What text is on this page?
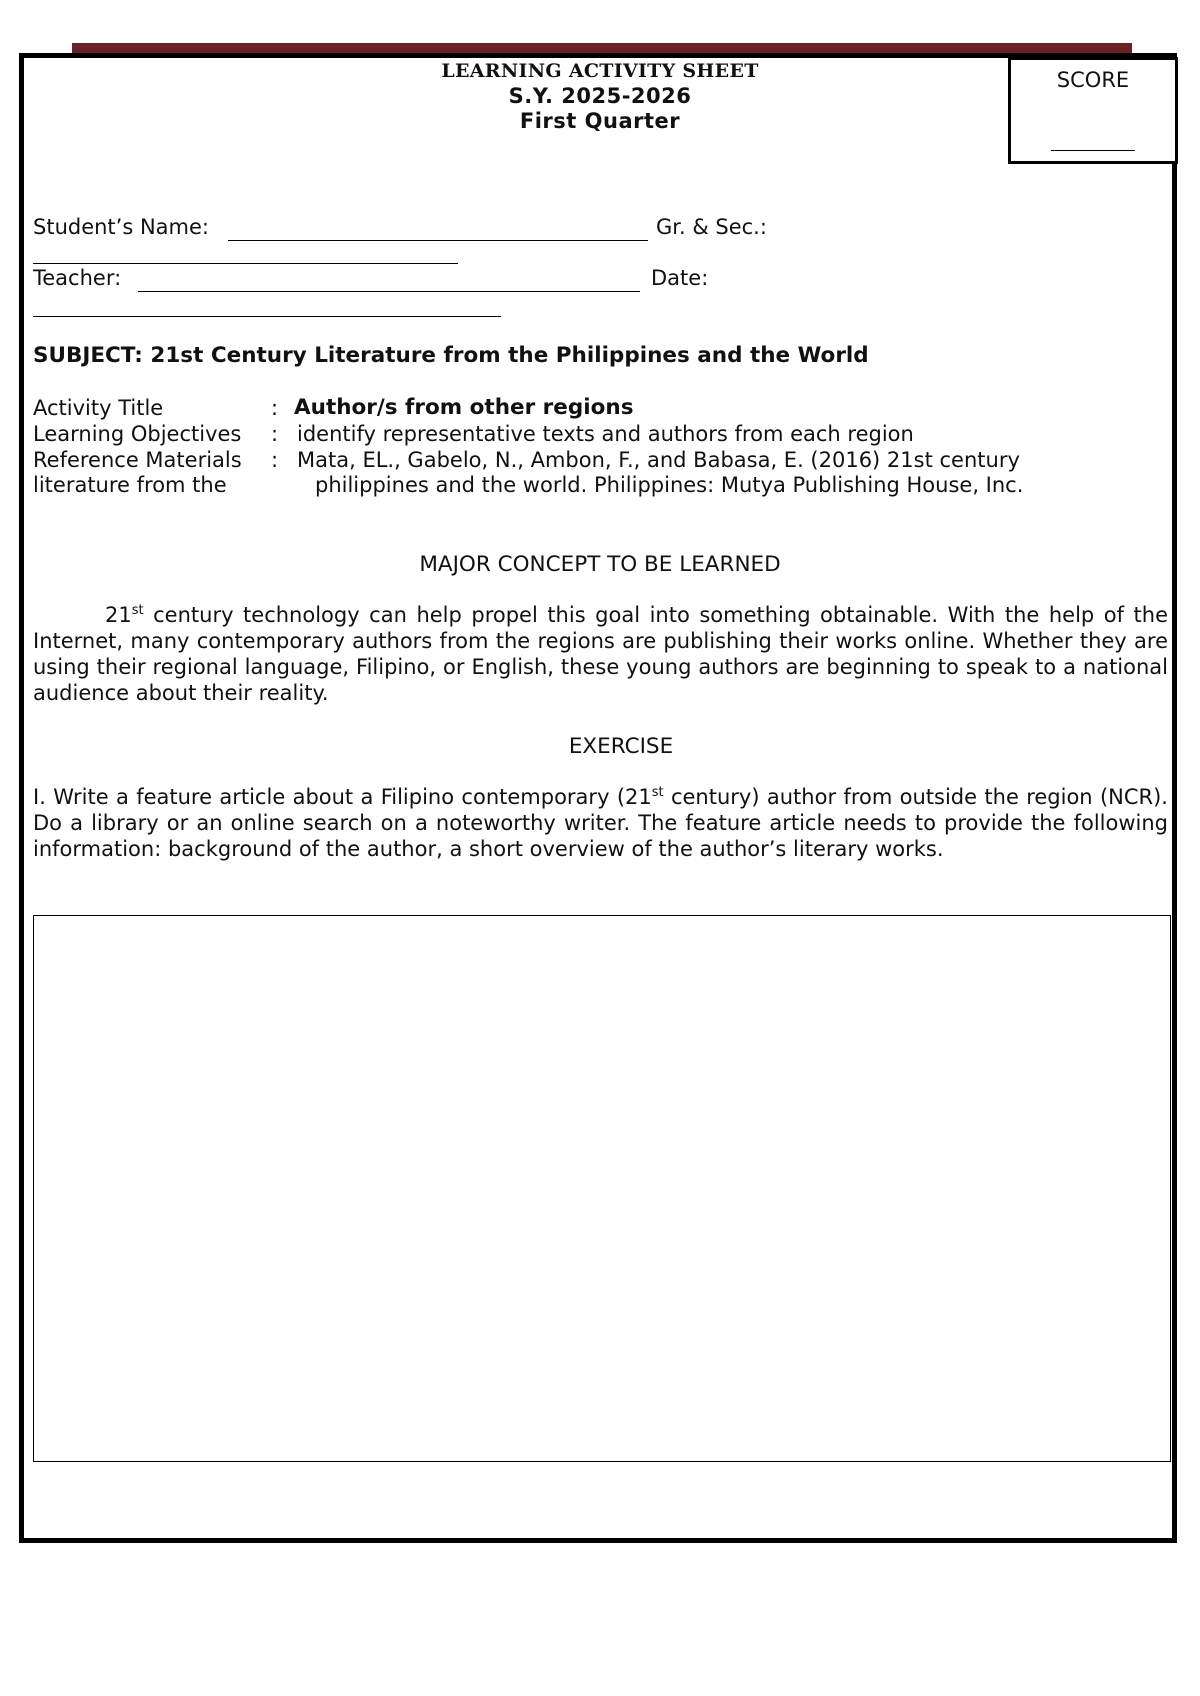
SCORE
LEARNING ACTIVITY SHEET
S.Y. 2025-2026
First Quarter
Student’s Name:	Gr. & Sec.:
Teacher:	Date:
SUBJECT: 21st Century Literature from the Philippines and the World
Activity Title	: Author/s from other regions
Learning Objectives : identify representative texts and authors from each region
Reference Materials : Mata, EL., Gabelo, N., Ambon, F., and Babasa, E. (2016) 21st century
literature from the	philippines and the world. Philippines: Mutya Publishing House, Inc.
MAJOR CONCEPT TO BE LEARNED

21st century technology can help propel this goal into something obtainable. With the help of the Internet, many contemporary authors from the regions are publishing their works online. Whether they are using their regional language, Filipino, or English, these young authors are beginning to speak to a national audience about their reality.

EXERCISE

I. Write a feature article about a Filipino contemporary (21st century) author from outside the region (NCR). Do a library or an online search on a noteworthy writer. The feature article needs to provide the following information: background of the author, a short overview of the author’s literary works.
